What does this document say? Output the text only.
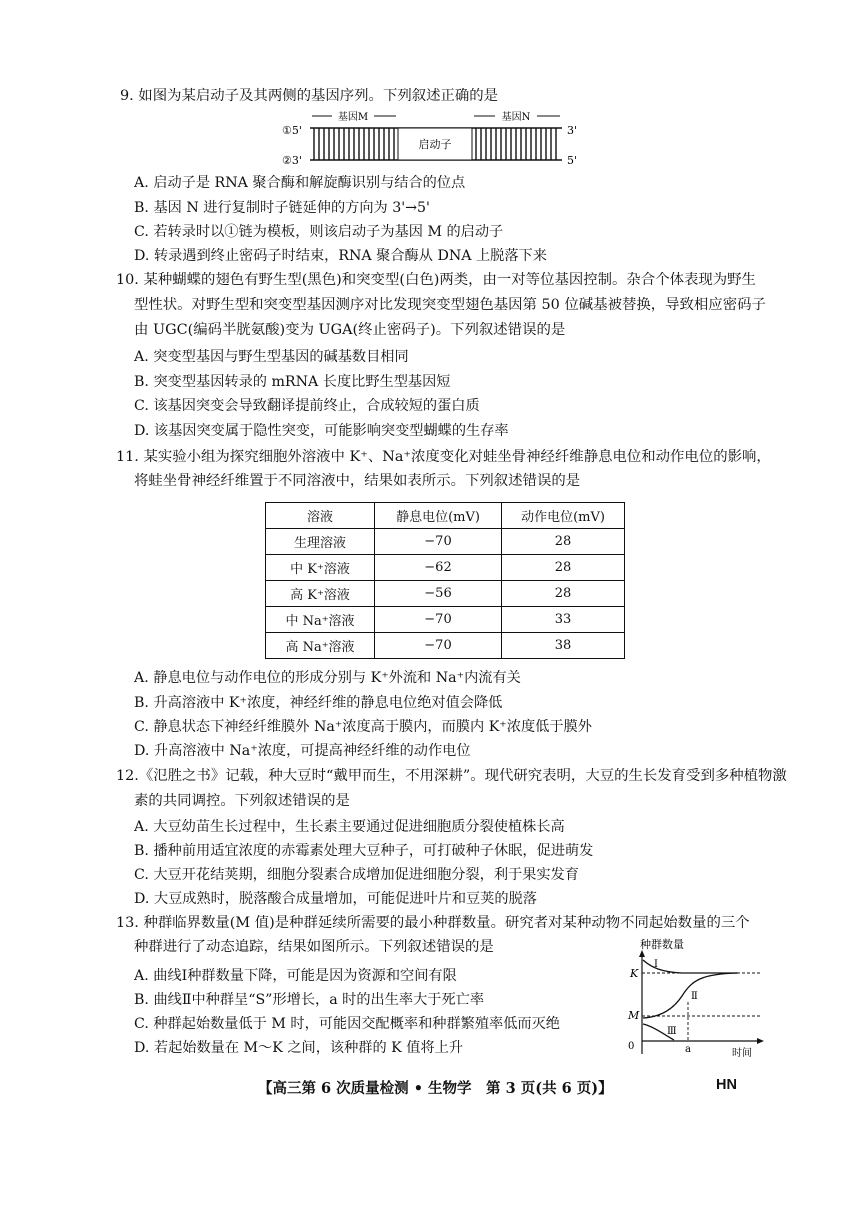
9. 如图为某启动子及其两侧的基因序列。下列叙述正确的是
①5'
②3'
3'
5'
启动子
基因M	基因N
A. 启动子是 RNA 聚合酶和解旋酶识别与结合的位点
B. 基因 N 进行复制时子链延伸的方向为 3'→5'
C. 若转录时以①链为模板，则该启动子为基因 M 的启动子
D. 转录遇到终止密码子时结束，RNA 聚合酶从 DNA 上脱落下来
10. 某种蝴蝶的翅色有野生型(黑色)和突变型(白色)两类，由一对等位基因控制。杂合个体表现为野生
型性状。对野生型和突变型基因测序对比发现突变型翅色基因第 50 位碱基被替换，导致相应密码子
由 UGC(编码半胱氨酸)变为 UGA(终止密码子)。下列叙述错误的是
A. 突变型基因与野生型基因的碱基数目相同
B. 突变型基因转录的 mRNA 长度比野生型基因短
C. 该基因突变会导致翻译提前终止，合成较短的蛋白质
D. 该基因突变属于隐性突变，可能影响突变型蝴蝶的生存率
11. 某实验小组为探究细胞外溶液中 K⁺、Na⁺浓度变化对蛙坐骨神经纤维静息电位和动作电位的影响，
将蛙坐骨神经纤维置于不同溶液中，结果如表所示。下列叙述错误的是
溶液	静息电位(mV)	动作电位(mV)
生理溶液	−70	28
中 K⁺溶液	−62	28
高 K⁺溶液	−56	28
中 Na⁺溶液	−70	33
高 Na⁺溶液	−70	38
A. 静息电位与动作电位的形成分别与 K⁺外流和 Na⁺内流有关
B. 升高溶液中 K⁺浓度，神经纤维的静息电位绝对值会降低
C. 静息状态下神经纤维膜外 Na⁺浓度高于膜内，而膜内 K⁺浓度低于膜外
D. 升高溶液中 Na⁺浓度，可提高神经纤维的动作电位
12.《氾胜之书》记载，种大豆时“戴甲而生，不用深耕”。现代研究表明，大豆的生长发育受到多种植物激
素的共同调控。下列叙述错误的是
A. 大豆幼苗生长过程中，生长素主要通过促进细胞质分裂使植株长高
B. 播种前用适宜浓度的赤霉素处理大豆种子，可打破种子休眠，促进萌发
C. 大豆开花结荚期，细胞分裂素合成增加促进细胞分裂，利于果实发育
D. 大豆成熟时，脱落酸合成量增加，可能促进叶片和豆荚的脱落
13. 种群临界数量(M 值)是种群延续所需要的最小种群数量。研究者对某种动物不同起始数量的三个
种群进行了动态追踪，结果如图所示。下列叙述错误的是
A. 曲线Ⅰ种群数量下降，可能是因为资源和空间有限
B. 曲线Ⅱ中种群呈“S”形增长，a 时的出生率大于死亡率
C. 种群起始数量低于 M 时，可能因交配概率和种群繁殖率低而灭绝
D. 若起始数量在 M～K 之间，该种群的 K 值将上升
种群数量
0
K
M
Ⅰ
Ⅱ
Ⅲ
a	时间
【高三第 6 次质量检测 • 生物学　第 3 页(共 6 页)】	HN
